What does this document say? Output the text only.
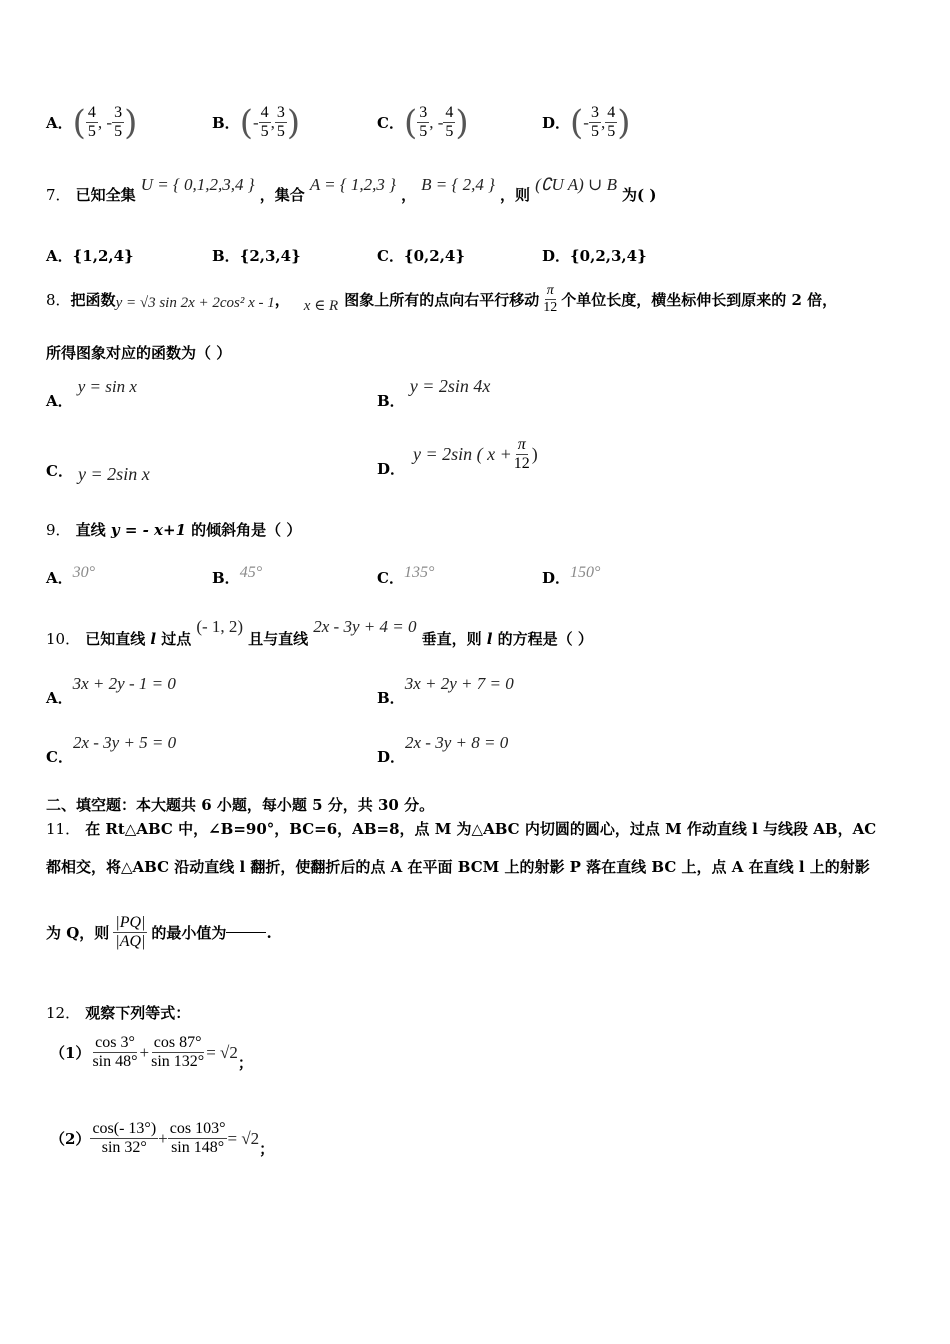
A． ( $\frac{4}{5}$ , - $\frac{3}{5}$ )	B． ( - $\frac{4}{5}$ , $\frac{3}{5}$ )	C． ( $\frac{3}{5}$ , - $\frac{4}{5}$ )	D． ( - $\frac{3}{5}$ , $\frac{4}{5}$ )
7． 已知全集 U = { 0,1,2,3,4 } ，集合 A = { 1,2,3 } ， B = { 2,4 } ，则 (∁U A) ∪ B 为( )
A．{1,2,4}	B．{2,3,4}	C．{0,2,4}	D．{0,2,3,4}
8． 把函数 y = √3 sin 2x + 2cos² x - 1 ， x ∈ R 图象上所有的点向右平行移动 $\frac{\pi}{12}$ 个单位长度，横坐标伸长到原来的 2 倍，
所得图象对应的函数为（ ）
A． y = sin x
B． y = 2sin 4x
C． y = 2sin x	D．
y = 2sin ( $x + \frac{\pi}{12}$ )
9． 直线 y = - x+1 的倾斜角是（ ）
A．30°	B．45°	C．135°	D．150°
10． 已知直线 l 过点 (- 1, 2) 且与直线 2x - 3y + 4 = 0 垂直，则 l 的方程是（ ）
A．3x + 2y - 1 = 0
B．3x + 2y + 7 = 0
C．2x - 3y + 5 = 0
D．2x - 3y + 8 = 0
二、填空题：本大题共 6 小题，每小题 5 分，共 30 分。
11． 在 Rt△ABC 中，∠B=90°，BC=6，AB=8，点 M 为△ABC 内切圆的圆心，过点 M 作动直线 l 与线段 AB，AC
都相交，将△ABC 沿动直线 l 翻折，使翻折后的点 A 在平面 BCM 上的射影 P 落在直线 BC 上，点 A 在直线 l 上的射影
为 Q，则 $\frac{|PQ|}{|AQ|}$ 的最小值为	.
12． 观察下列等式：
$(1) \frac{\cos 3^\circ}{\sin 48^\circ} + \frac{\cos 87^\circ}{\sin 132^\circ} = √2$
；
$(2) \frac{\cos(- 13^\circ)}{\sin 32^\circ} + \frac{\cos 103^\circ}{\sin 148^\circ} = √2$
；
